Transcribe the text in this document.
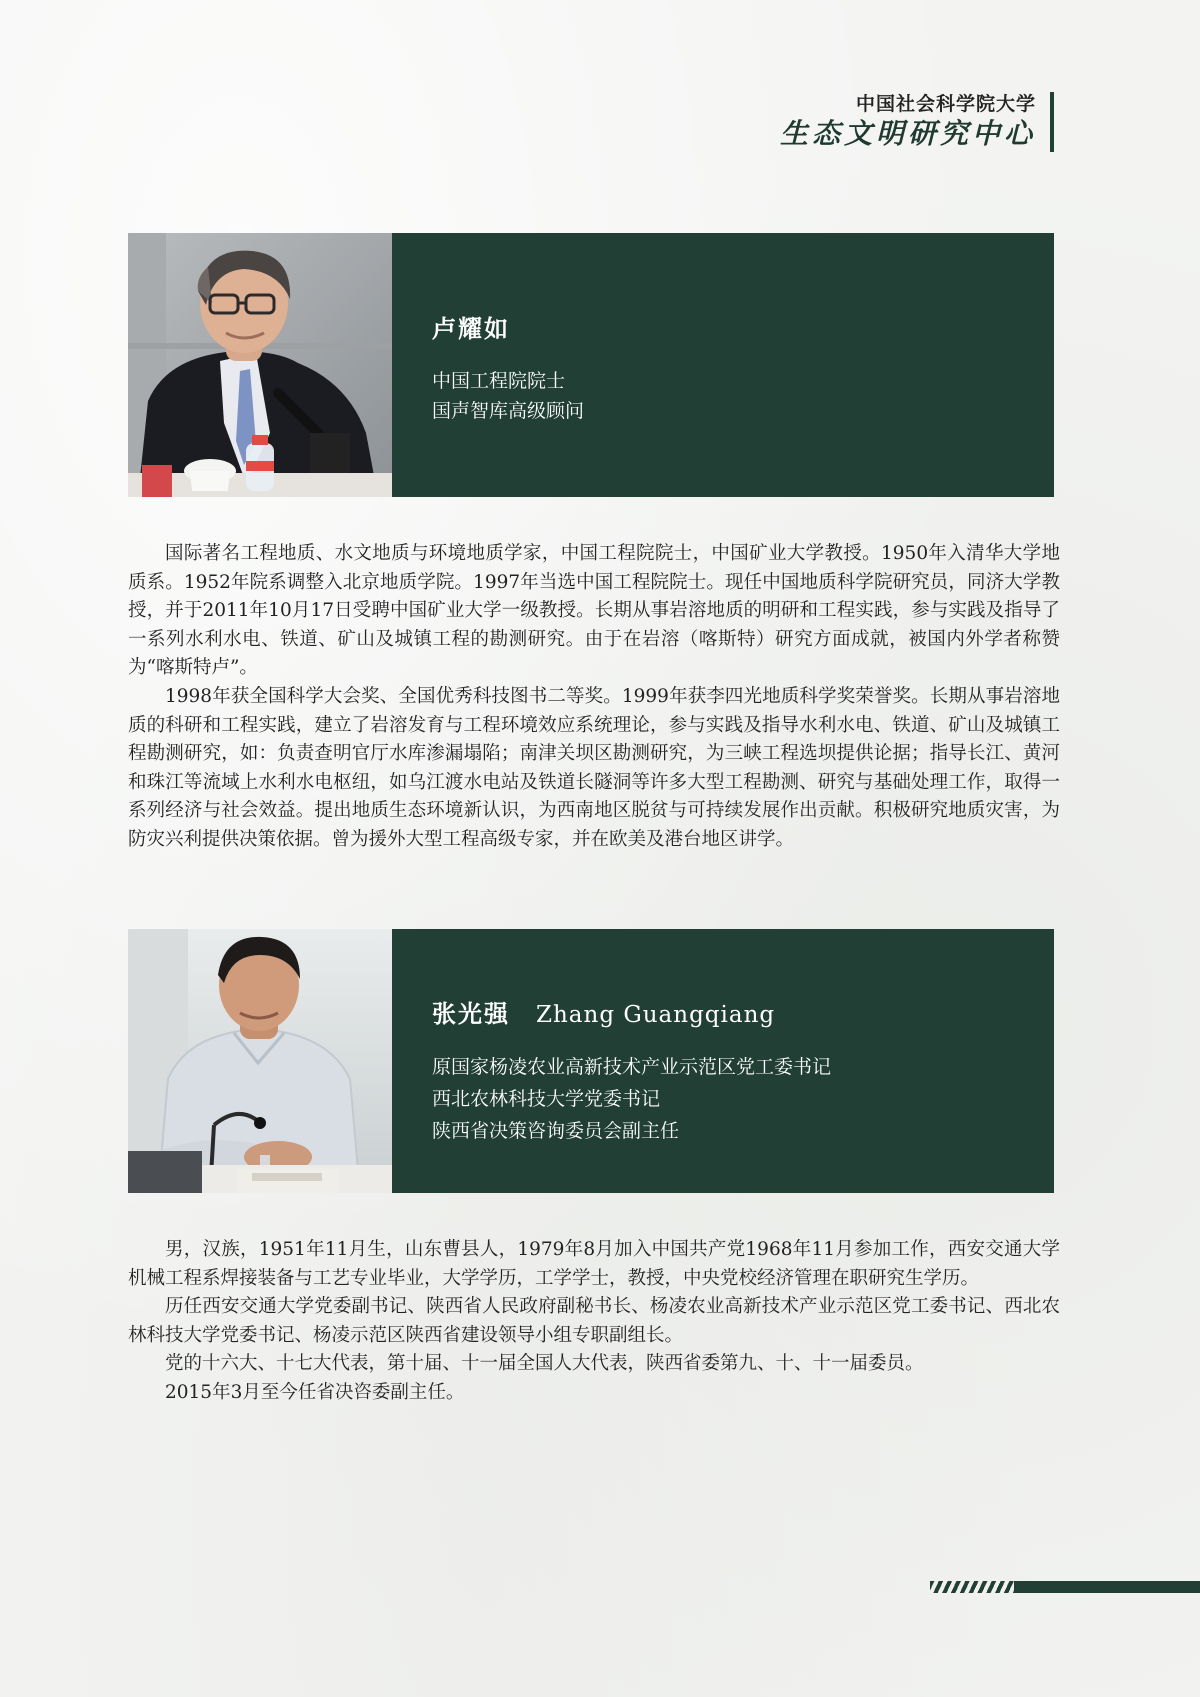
中国社会科学院大学
生态文明研究中心
卢耀如
中国工程院院士
国声智库高级顾问

国际著名工程地质、水文地质与环境地质学家，中国工程院院士，中国矿业大学教授。1950年入清华大学地质系。1952年院系调整入北京地质学院。1997年当选中国工程院院士。现任中国地质科学院研究员，同济大学教授，并于2011年10月17日受聘中国矿业大学一级教授。长期从事岩溶地质的明研和工程实践，参与实践及指导了一系列水利水电、铁道、矿山及城镇工程的勘测研究。由于在岩溶（喀斯特）研究方面成就，被国内外学者称赞为“喀斯特卢”。

1998年获全国科学大会奖、全国优秀科技图书二等奖。1999年获李四光地质科学奖荣誉奖。长期从事岩溶地质的科研和工程实践，建立了岩溶发育与工程环境效应系统理论，参与实践及指导水利水电、铁道、矿山及城镇工程勘测研究，如：负责查明官厅水库渗漏塌陷；南津关坝区勘测研究，为三峡工程选坝提供论据；指导长江、黄河和珠江等流域上水利水电枢纽，如乌江渡水电站及铁道长隧洞等许多大型工程勘测、研究与基础处理工作，取得一系列经济与社会效益。提出地质生态环境新认识，为西南地区脱贫与可持续发展作出贡献。积极研究地质灾害，为防灾兴利提供决策依据。曾为援外大型工程高级专家，并在欧美及港台地区讲学。

张光强 Zhang Guangqiang
原国家杨凌农业高新技术产业示范区党工委书记
西北农林科技大学党委书记
陕西省决策咨询委员会副主任

男，汉族，1951年11月生，山东曹县人，1979年8月加入中国共产党1968年11月参加工作，西安交通大学机械工程系焊接装备与工艺专业毕业，大学学历，工学学士，教授，中央党校经济管理在职研究生学历。

历任西安交通大学党委副书记、陕西省人民政府副秘书长、杨凌农业高新技术产业示范区党工委书记、西北农林科技大学党委书记、杨凌示范区陕西省建设领导小组专职副组长。

党的十六大、十七大代表，第十届、十一届全国人大代表，陕西省委第九、十、十一届委员。

2015年3月至今任省决咨委副主任。
